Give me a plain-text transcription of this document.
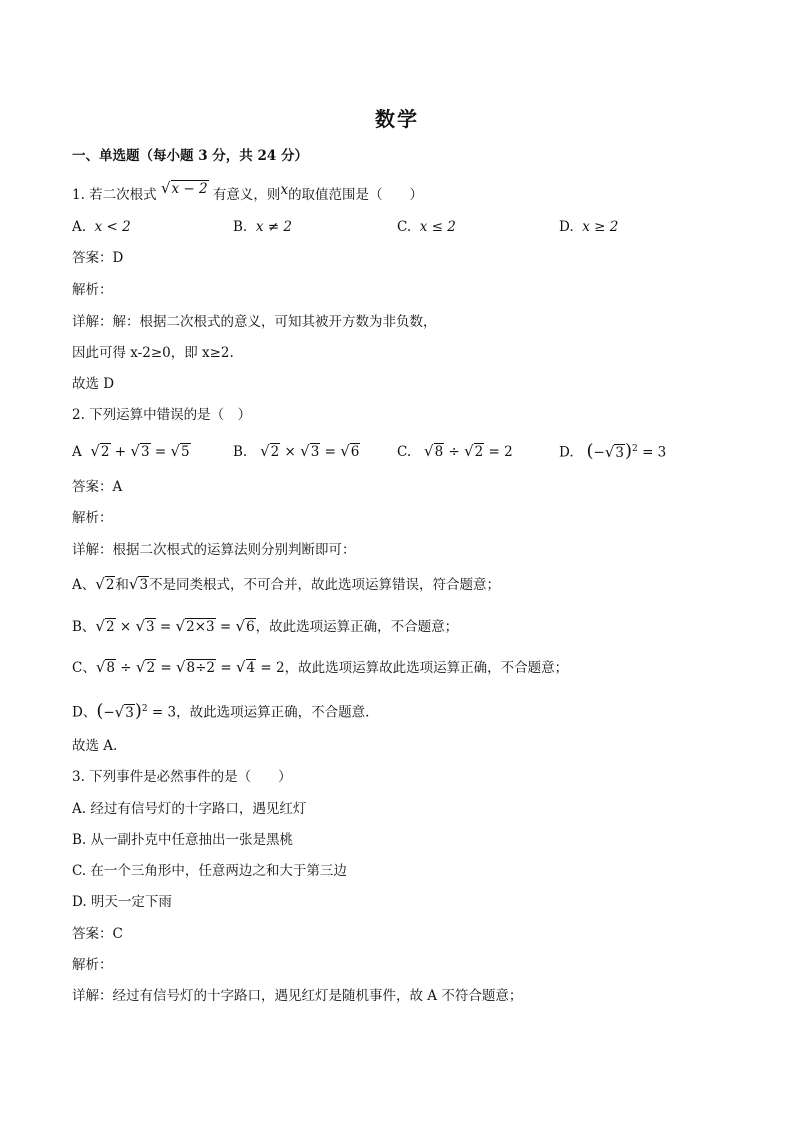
数学
一、单选题（每小题 3 分，共 24 分）
1. 若二次根式 √x − 2 有意义，则x的取值范围是（　　）
A. x < 2	B. x ≠ 2	C. x ≤ 2	D. x ≥ 2
答案：D
解析：
详解：解：根据二次根式的意义，可知其被开方数为非负数，
因此可得 x-2≥0，即 x≥2.
故选 D
2. 下列运算中错误的是（　）
A √2 + √3 = √5	B. √2 × √3 = √6	C. √8 ÷ √2 = 2	D. $(-√3)^2 = 3$
答案：A
解析：
详解：根据二次根式的运算法则分别判断即可：
A、√2和√3不是同类根式，不可合并，故此选项运算错误，符合题意；
B、√2 × √3 = √2×3 = √6，故此选项运算正确，不合题意；
C、√8 ÷ √2 = √8÷2 = √4 = 2，故此选项运算故此选项运算正确，不合题意；
D、$(-√3)^2 = 3$，故此选项运算正确，不合题意.
故选 A.
3. 下列事件是必然事件的是（　　）
A. 经过有信号灯的十字路口，遇见红灯
B. 从一副扑克中任意抽出一张是黑桃
C. 在一个三角形中，任意两边之和大于第三边
D. 明天一定下雨
答案：C
解析：
详解：经过有信号灯的十字路口，遇见红灯是随机事件，故 A 不符合题意；
